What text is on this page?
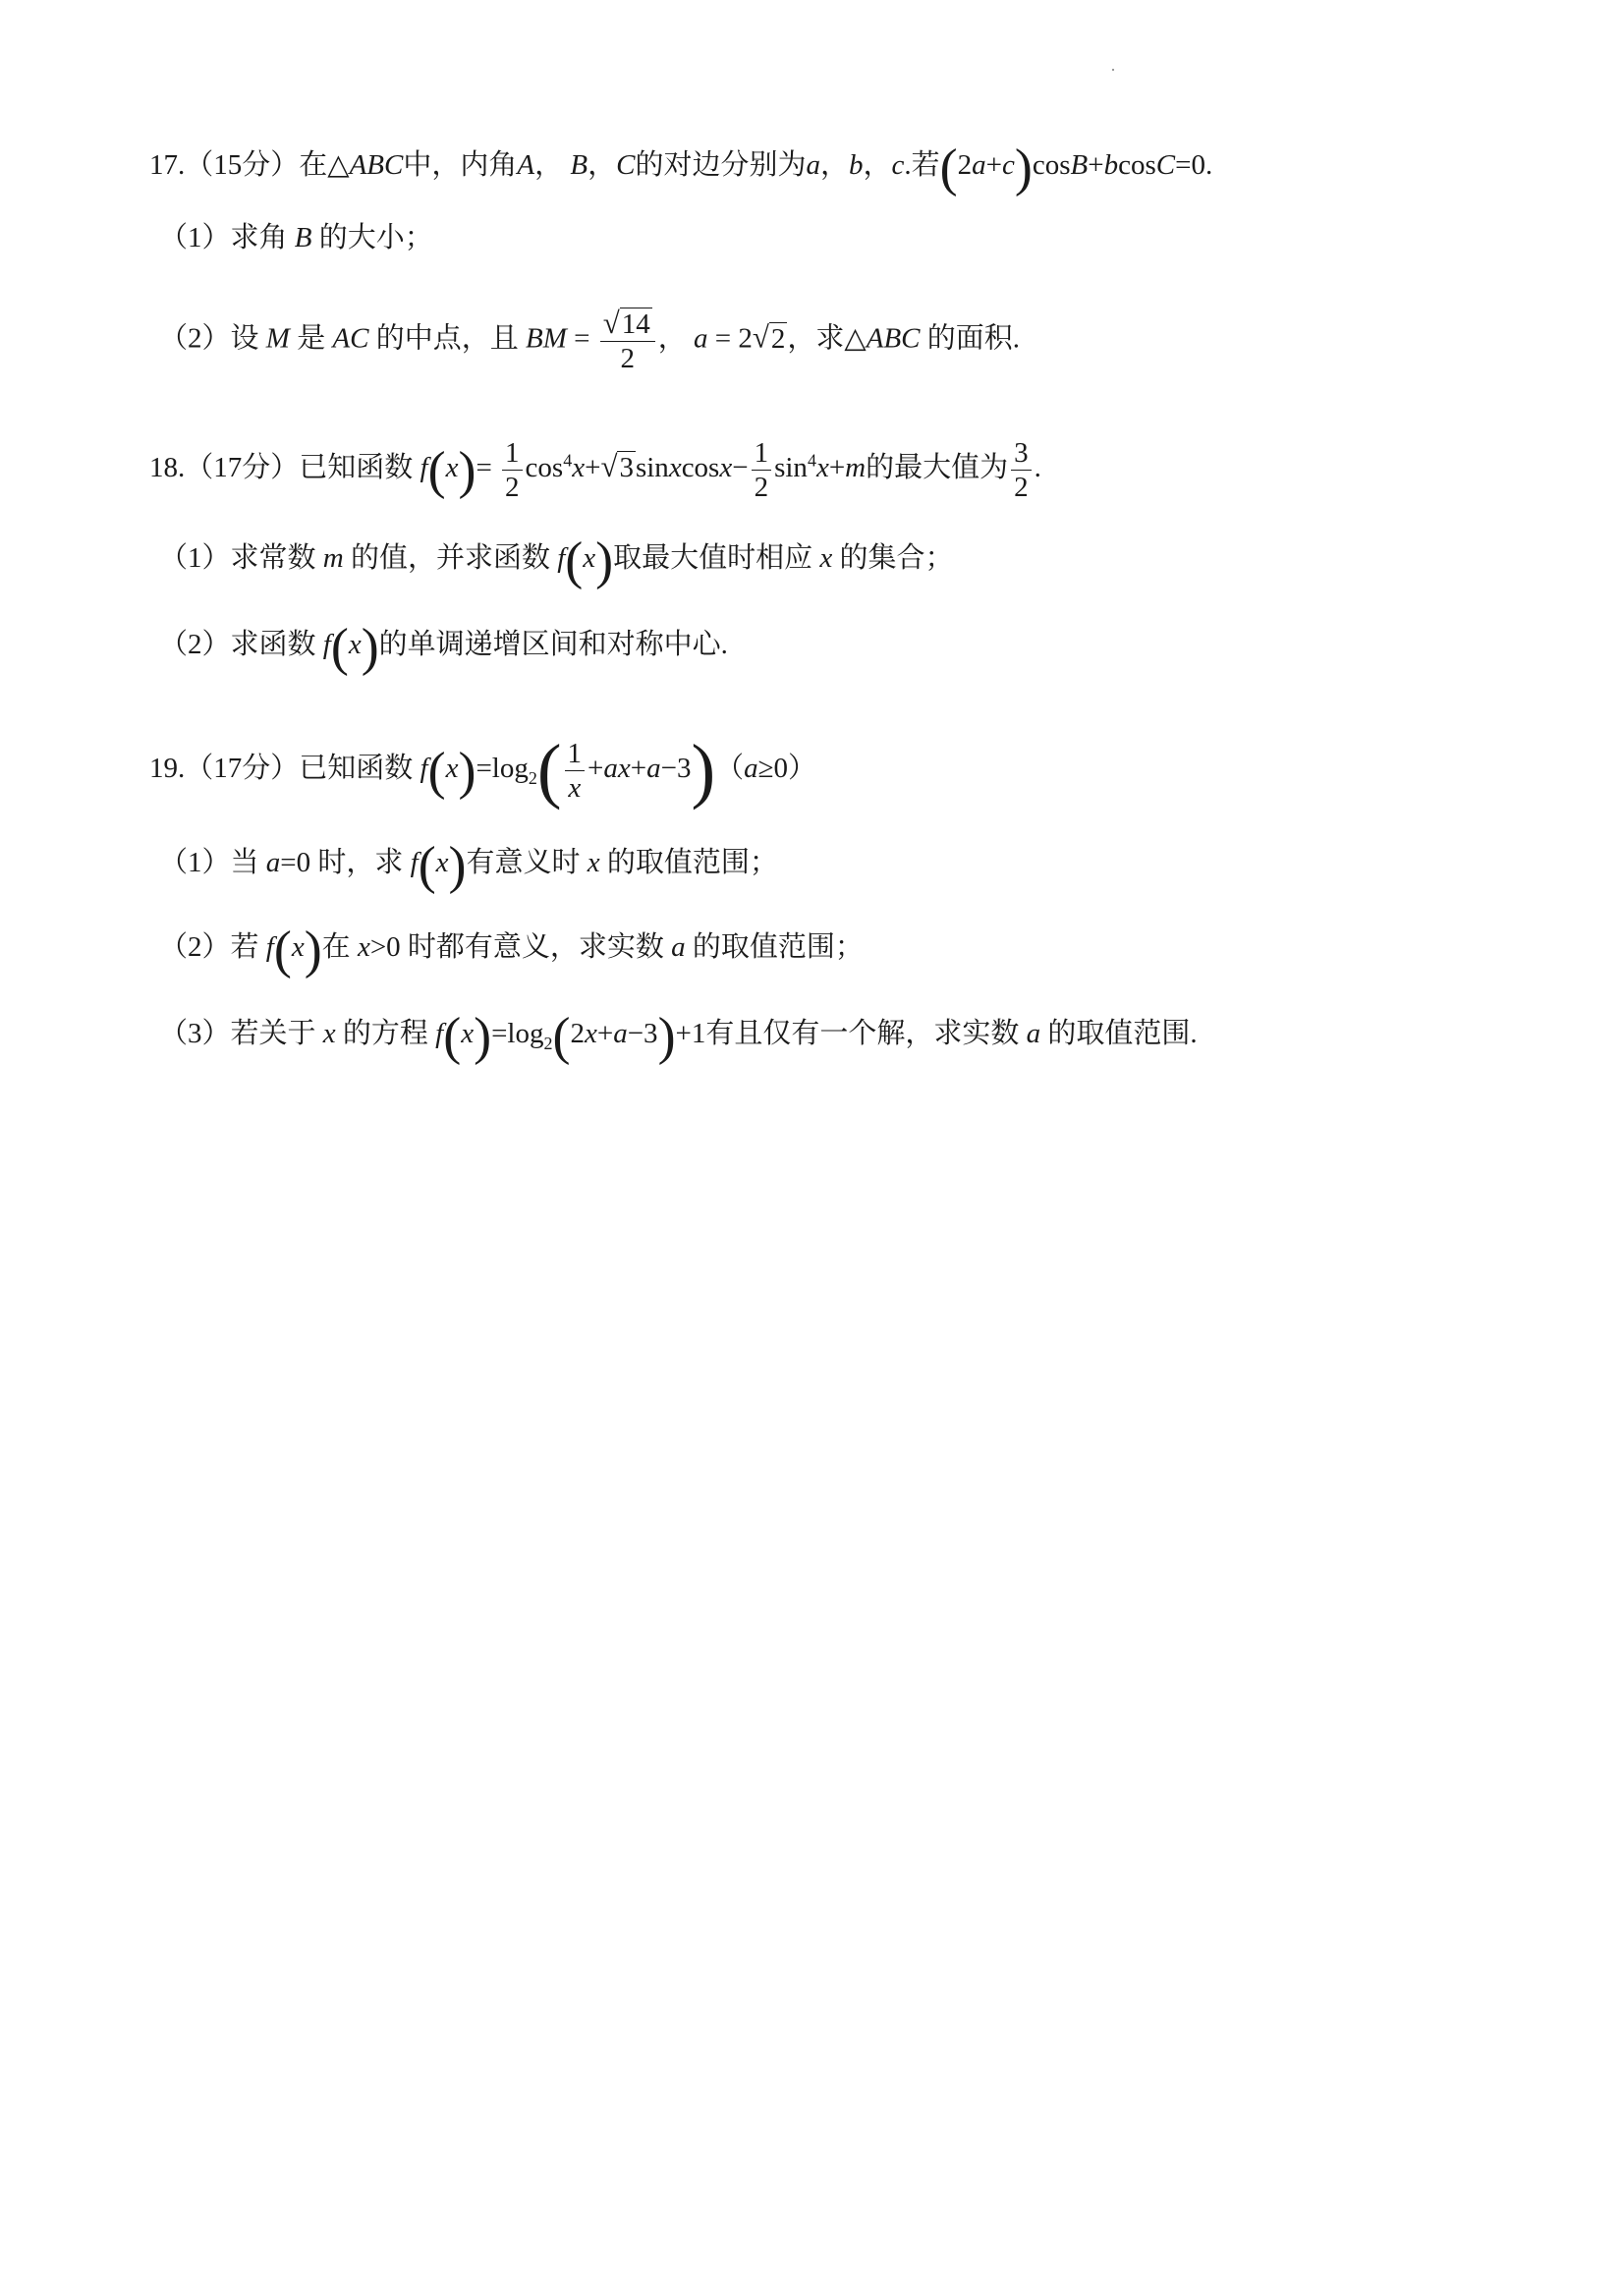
17.（15分）在△ABC中，内角A， B，C的对边分别为a，b，c.若(2a+c)cosB+bcosC=0.
（1）求角 B 的大小；
（2）设 M 是 AC 的中点，且 BM = $\frac{√14}{2}$ ， a = 2√2，求△ABC 的面积.
18.（17分）已知函数 $f(x)= \frac{1}{2}$ $\cos^4x+√3sinxcosx- \frac{1}{2} \sin^4x+m$的最大值为 $\frac{3}{2}$ .
（1）求常数 m 的值，并求函数 f(x)取最大值时相应 x 的集合；
（2）求函数 f(x)的单调递增区间和对称中心.
19.（17分）已知函数 $f(x)=\log_2( \frac{1}{x} +ax+a-3)(a\ge 0)$
（1）当 a=0 时，求 f(x)有意义时 x 的取值范围；
（2）若 f(x)在 x>0 时都有意义，求实数 a 的取值范围；
（3）若关于 x 的方程 $f(x)=\log_2(2x+a-3)+1$有且仅有一个解，求实数 a 的取值范围.
